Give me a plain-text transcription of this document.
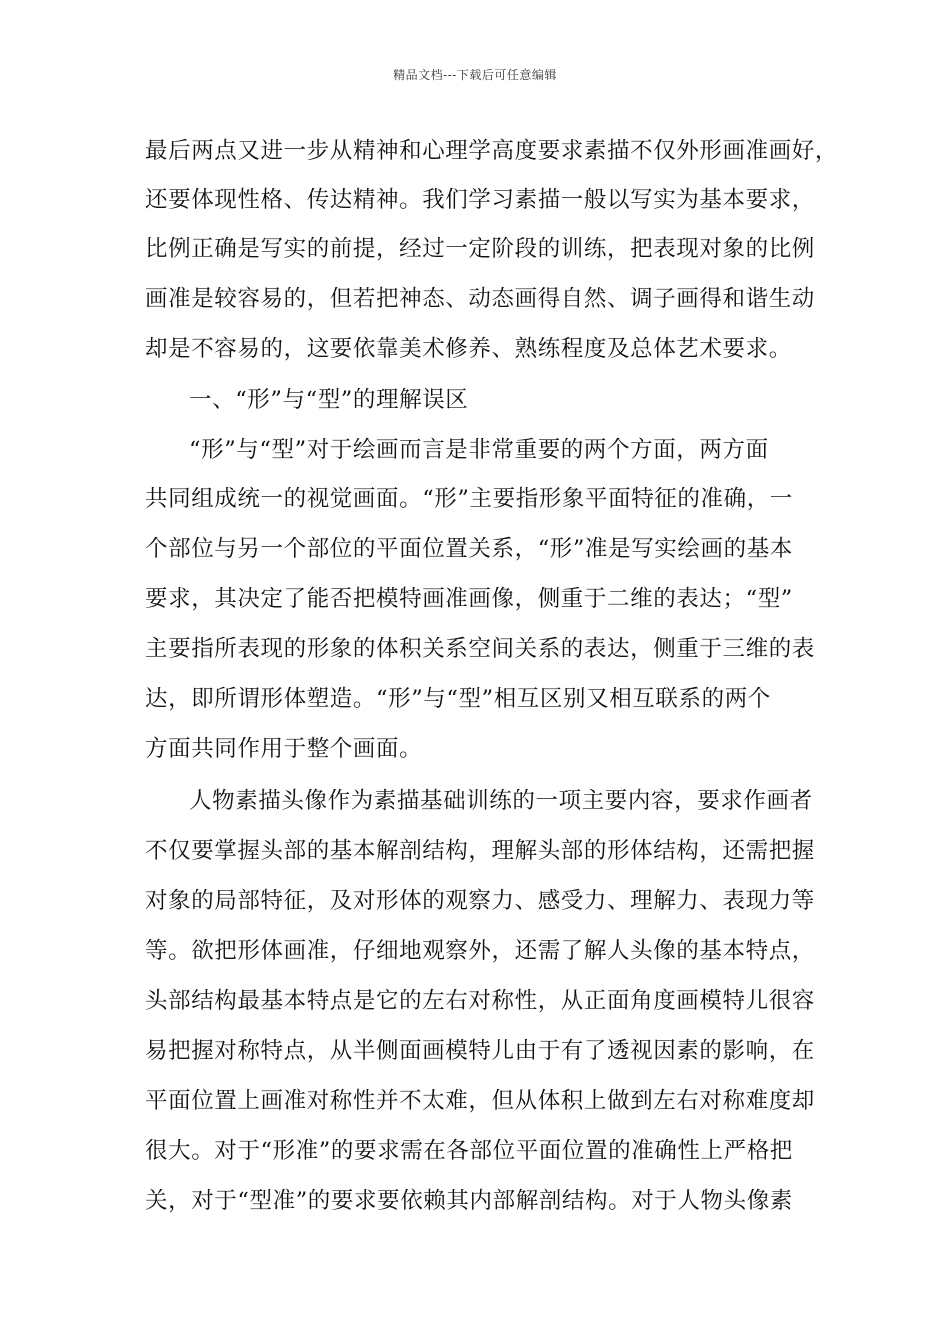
精品文档---下载后可任意编辑
最后两点又进一步从精神和心理学高度要求素描不仅外形画准画好，
还要体现性格、传达精神。我们学习素描一般以写实为基本要求，
比例正确是写实的前提，经过一定阶段的训练，把表现对象的比例
画准是较容易的，但若把神态、动态画得自然、调子画得和谐生动
却是不容易的，这要依靠美术修养、熟练程度及总体艺术要求。
一、“形”与“型”的理解误区
“形”与“型”对于绘画而言是非常重要的两个方面，两方面
共同组成统一的视觉画面。“形”主要指形象平面特征的准确，一
个部位与另一个部位的平面位置关系，“形”准是写实绘画的基本
要求，其决定了能否把模特画准画像，侧重于二维的表达；“型”
主要指所表现的形象的体积关系空间关系的表达，侧重于三维的表
达，即所谓形体塑造。“形”与“型”相互区别又相互联系的两个
方面共同作用于整个画面。
人物素描头像作为素描基础训练的一项主要内容，要求作画者
不仅要掌握头部的基本解剖结构，理解头部的形体结构，还需把握
对象的局部特征，及对形体的观察力、感受力、理解力、表现力等
等。欲把形体画准，仔细地观察外，还需了解人头像的基本特点，
头部结构最基本特点是它的左右对称性，从正面角度画模特儿很容
易把握对称特点，从半侧面画模特儿由于有了透视因素的影响，在
平面位置上画准对称性并不太难，但从体积上做到左右对称难度却
很大。对于“形准”的要求需在各部位平面位置的准确性上严格把
关，对于“型准”的要求要依赖其内部解剖结构。对于人物头像素
